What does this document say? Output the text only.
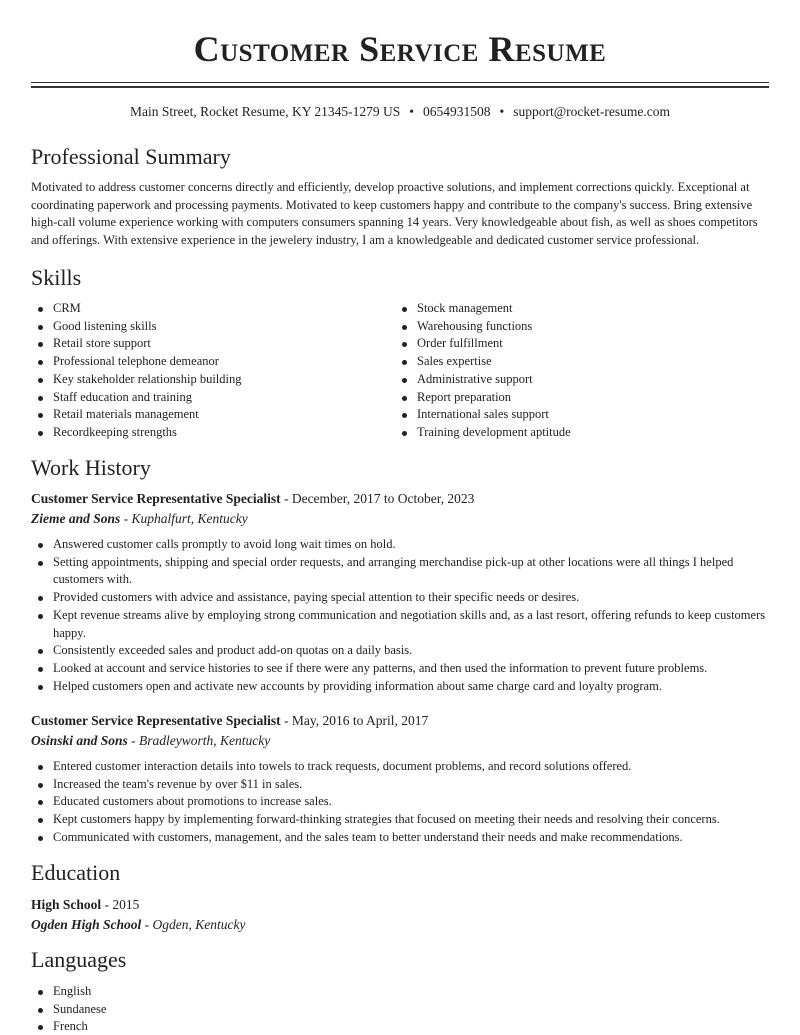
Customer Service Resume
Main Street, Rocket Resume, KY 21345-1279 US • 0654931508 • support@rocket-resume.com
Professional Summary

Motivated to address customer concerns directly and efficiently, develop proactive solutions, and implement corrections quickly. Exceptional at coordinating paperwork and processing payments. Motivated to keep customers happy and contribute to the company's success. Bring extensive high-call volume experience working with computers consumers spanning 14 years. Very knowledgeable about fish, as well as shoes competitors and offerings. With extensive experience in the jewelery industry, I am a knowledgeable and dedicated customer service professional.

Skills
CRM
Good listening skills
Retail store support
Professional telephone demeanor
Key stakeholder relationship building
Staff education and training
Retail materials management
Recordkeeping strengths
Stock management
Warehousing functions
Order fulfillment
Sales expertise
Administrative support
Report preparation
International sales support
Training development aptitude
Work History
Customer Service Representative Specialist - December, 2017 to October, 2023
Zieme and Sons - Kuphalfurt, Kentucky
Answered customer calls promptly to avoid long wait times on hold.
Setting appointments, shipping and special order requests, and arranging merchandise pick-up at other locations were all things I helped customers with.
Provided customers with advice and assistance, paying special attention to their specific needs or desires.
Kept revenue streams alive by employing strong communication and negotiation skills and, as a last resort, offering refunds to keep customers happy.
Consistently exceeded sales and product add-on quotas on a daily basis.
Looked at account and service histories to see if there were any patterns, and then used the information to prevent future problems.
Helped customers open and activate new accounts by providing information about same charge card and loyalty program.
Customer Service Representative Specialist - May, 2016 to April, 2017
Osinski and Sons - Bradleyworth, Kentucky
Entered customer interaction details into towels to track requests, document problems, and record solutions offered.
Increased the team's revenue by over $11 in sales.
Educated customers about promotions to increase sales.
Kept customers happy by implementing forward-thinking strategies that focused on meeting their needs and resolving their concerns.
Communicated with customers, management, and the sales team to better understand their needs and make recommendations.
Education
High School - 2015
Ogden High School - Ogden, Kentucky
Languages
English
Sundanese
French
